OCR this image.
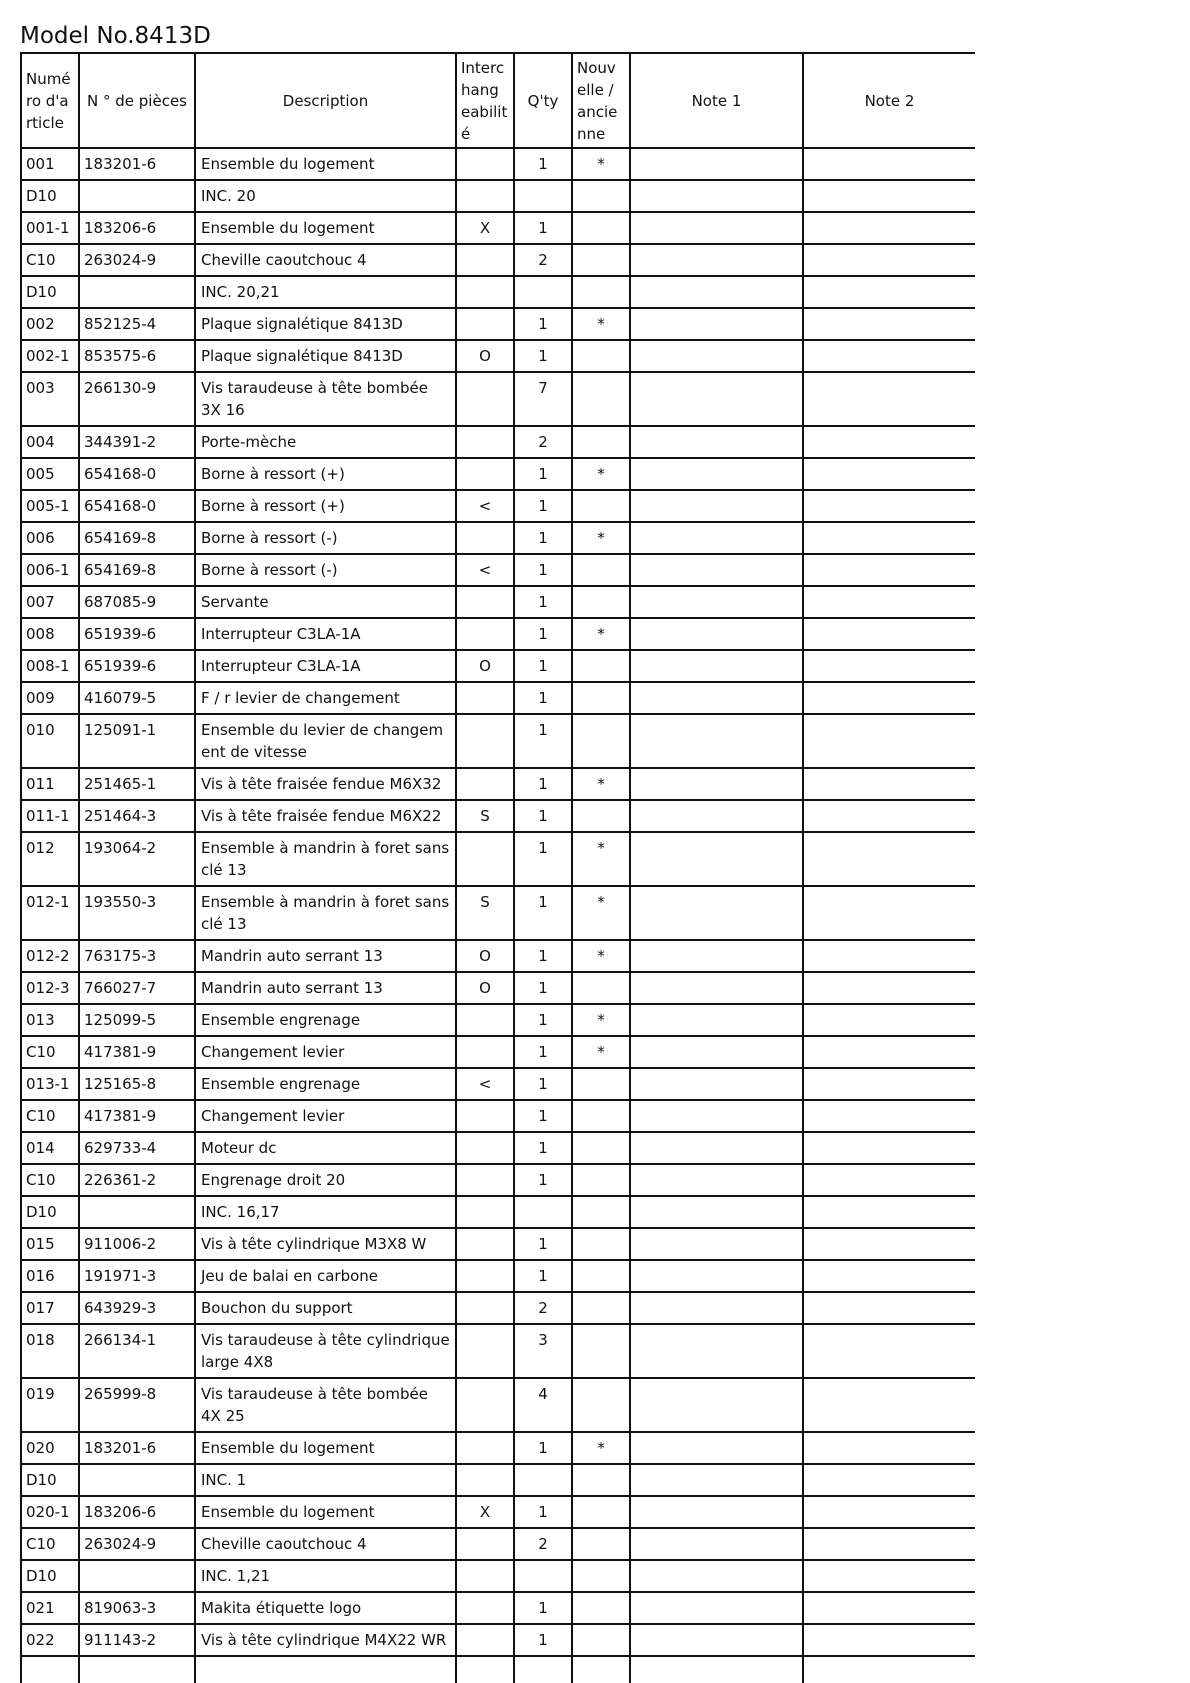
Model No.8413D
Numé ro d'a rticle	N ° de pièces	Description	Interc hang eabilit é	Q'ty	Nouv elle / ancie nne	Note 1	Note 2
001	183201-6	Ensemble du logement		1	*		
D10		INC. 20					
001-1	183206-6	Ensemble du logement	X	1			
C10	263024-9	Cheville caoutchouc 4		2			
D10		INC. 20,21					
002	852125-4	Plaque signalétique 8413D		1	*		
002-1	853575-6	Plaque signalétique 8413D	O	1			
003	266130-9	Vis taraudeuse à tête bombée 3X 16		7			
004	344391-2	Porte-mèche		2			
005	654168-0	Borne à ressort (+)		1	*		
005-1	654168-0	Borne à ressort (+)	<	1			
006	654169-8	Borne à ressort (-)		1	*		
006-1	654169-8	Borne à ressort (-)	<	1			
007	687085-9	Servante		1			
008	651939-6	Interrupteur C3LA-1A		1	*		
008-1	651939-6	Interrupteur C3LA-1A	O	1			
009	416079-5	F / r levier de changement		1			
010	125091-1	Ensemble du levier de changem ent de vitesse		1			
011	251465-1	Vis à tête fraisée fendue M6X32		1	*		
011-1	251464-3	Vis à tête fraisée fendue M6X22	S	1			
012	193064-2	Ensemble à mandrin à foret sans clé 13		1	*		
012-1	193550-3	Ensemble à mandrin à foret sans clé 13	S	1	*		
012-2	763175-3	Mandrin auto serrant 13	O	1	*		
012-3	766027-7	Mandrin auto serrant 13	O	1			
013	125099-5	Ensemble engrenage		1	*		
C10	417381-9	Changement levier		1	*		
013-1	125165-8	Ensemble engrenage	<	1			
C10	417381-9	Changement levier		1			
014	629733-4	Moteur dc		1			
C10	226361-2	Engrenage droit 20		1			
D10		INC. 16,17					
015	911006-2	Vis à tête cylindrique M3X8 W		1			
016	191971-3	Jeu de balai en carbone		1			
017	643929-3	Bouchon du support		2			
018	266134-1	Vis taraudeuse à tête cylindrique large 4X8		3			
019	265999-8	Vis taraudeuse à tête bombée 4X 25		4			
020	183201-6	Ensemble du logement		1	*		
D10		INC. 1					
020-1	183206-6	Ensemble du logement	X	1			
C10	263024-9	Cheville caoutchouc 4		2			
D10		INC. 1,21					
021	819063-3	Makita étiquette logo		1			
022	911143-2	Vis à tête cylindrique M4X22 WR		1			
